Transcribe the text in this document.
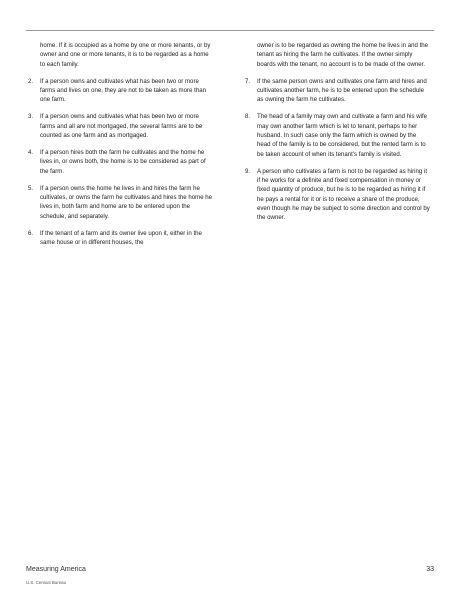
home. If it is occupied as a home by one or more tenants, or by owner and one or more tenants, it is to be regarded as a home to each family.

2. If a person owns and cultivates what has been two or more farms and lives on one, they are not to be taken as more than one farm.

3. If a person owns and cultivates what has been two or more farms and all are not mortgaged, the several farms are to be counted as one farm and as mortgaged.

4. If a person hires both the farm he cultivates and the home he lives in, or owns both, the home is to be considered as part of the farm.

5. If a person owns the home he lives in and hires the farm he cultivates, or owns the farm he cultivates and hires the home he lives in, both farm and home are to be entered upon the schedule, and separately.

6. If the tenant of a farm and its owner live upon it, either in the same house or in different houses, the

owner is to be regarded as owning the home he lives in and the tenant as hiring the farm he cultivates. If the owner simply boards with the tenant, no account is to be made of the owner.

7. If the same person owns and cultivates one farm and hires and cultivates another farm, he is to be entered upon the schedule as owning the farm he cultivates.

8. The head of a family may own and cultivate a farm and his wife may own another farm which is let to tenant, perhaps to her husband. In such case only the farm which is owned by the head of the family is to be considered, but the rented farm is to be taken account of when its tenant's family is visited.

9. A person who cultivates a farm is not to be regarded as hiring it if he works for a definite and fixed compensation in money or fixed quantity of produce, but he is to be regarded as hiring it if he pays a rental for it or is to receive a share of the produce, even though he may be subject to some direction and control by the owner.

Measuring America
U.S. Census Bureau
33
